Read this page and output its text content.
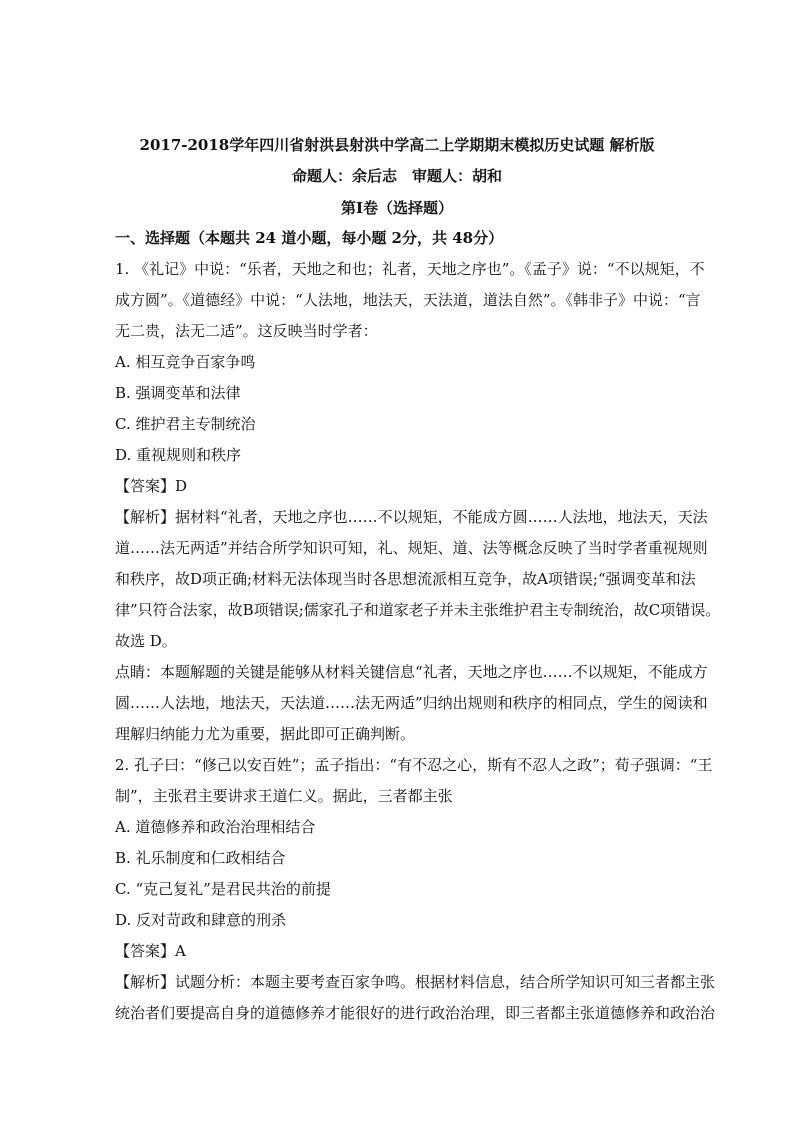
2017-2018学年四川省射洪县射洪中学高二上学期期末模拟历史试题 解析版
命题人：余后志　审题人：胡和
第Ⅰ卷（选择题）
一、选择题（本题共 24 道小题，每小题 2分，共 48分）
1. 《礼记》中说：“乐者，天地之和也；礼者，天地之序也”。《孟子》说：“不以规矩，不
成方圆”。《道德经》中说：“人法地，地法天，天法道，道法自然”。《韩非子》中说：“言
无二贵，法无二适”。这反映当时学者：
A. 相互竞争百家争鸣
B. 强调变革和法律
C. 维护君主专制统治
D. 重视规则和秩序
【答案】D
【解析】据材料“礼者，天地之序也……不以规矩，不能成方圆……人法地，地法天，天法
道……法无两适”并结合所学知识可知，礼、规矩、道、法等概念反映了当时学者重视规则
和秩序，故D项正确;材料无法体现当时各思想流派相互竞争，故A项错误;“强调变革和法
律”只符合法家，故B项错误;儒家孔子和道家老子并未主张维护君主专制统治，故C项错误。
故选 D。
点睛：本题解题的关键是能够从材料关键信息“礼者，天地之序也……不以规矩，不能成方
圆……人法地，地法天，天法道……法无两适”归纳出规则和秩序的相同点，学生的阅读和
理解归纳能力尤为重要，据此即可正确判断。
2. 孔子曰：“修己以安百姓”；孟子指出：“有不忍之心，斯有不忍人之政”；荀子强调：“王
制”，主张君主要讲求王道仁义。据此，三者都主张
A. 道德修养和政治治理相结合
B. 礼乐制度和仁政相结合
C. “克己复礼”是君民共治的前提
D. 反对苛政和肆意的刑杀
【答案】A
【解析】试题分析：本题主要考查百家争鸣。根据材料信息，结合所学知识可知三者都主张
统治者们要提高自身的道德修养才能很好的进行政治治理，即三者都主张道德修养和政治治
